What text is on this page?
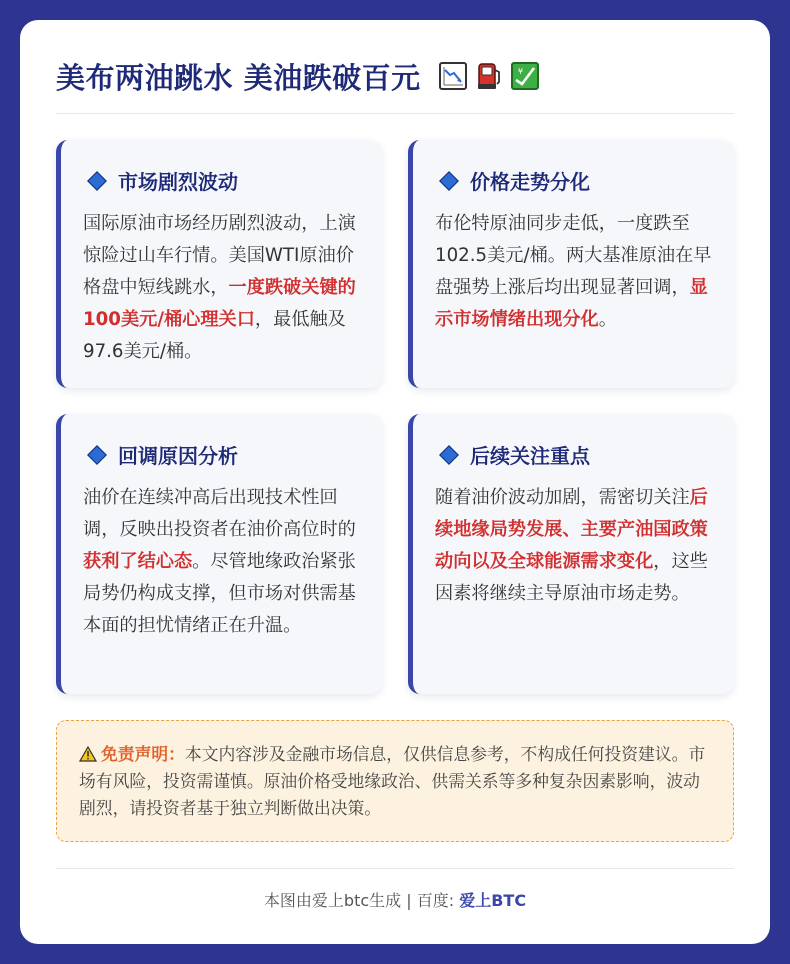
美布两油跳水 美油跌破百元	¥
市场剧烈波动
国际原油市场经历剧烈波动，上演惊险过山车行情。美国WTI原油价格盘中短线跳水，一度跌破关键的100美元/桶心理关口，最低触及97.6美元/桶。
价格走势分化
布伦特原油同步走低，一度跌至102.5美元/桶。两大基准原油在早盘强势上涨后均出现显著回调，显示市场情绪出现分化。
回调原因分析
油价在连续冲高后出现技术性回调，反映出投资者在油价高位时的获利了结心态。尽管地缘政治紧张局势仍构成支撑，但市场对供需基本面的担忧情绪正在升温。
后续关注重点
随着油价波动加剧，需密切关注后续地缘局势发展、主要产油国政策动向以及全球能源需求变化，这些因素将继续主导原油市场走势。
免责声明：本文内容涉及金融市场信息，仅供信息参考，不构成任何投资建议。市场有风险，投资需谨慎。原油价格受地缘政治、供需关系等多种复杂因素影响，波动剧烈，请投资者基于独立判断做出决策。
本图由爱上btc生成 | 百度: 爱上BTC
